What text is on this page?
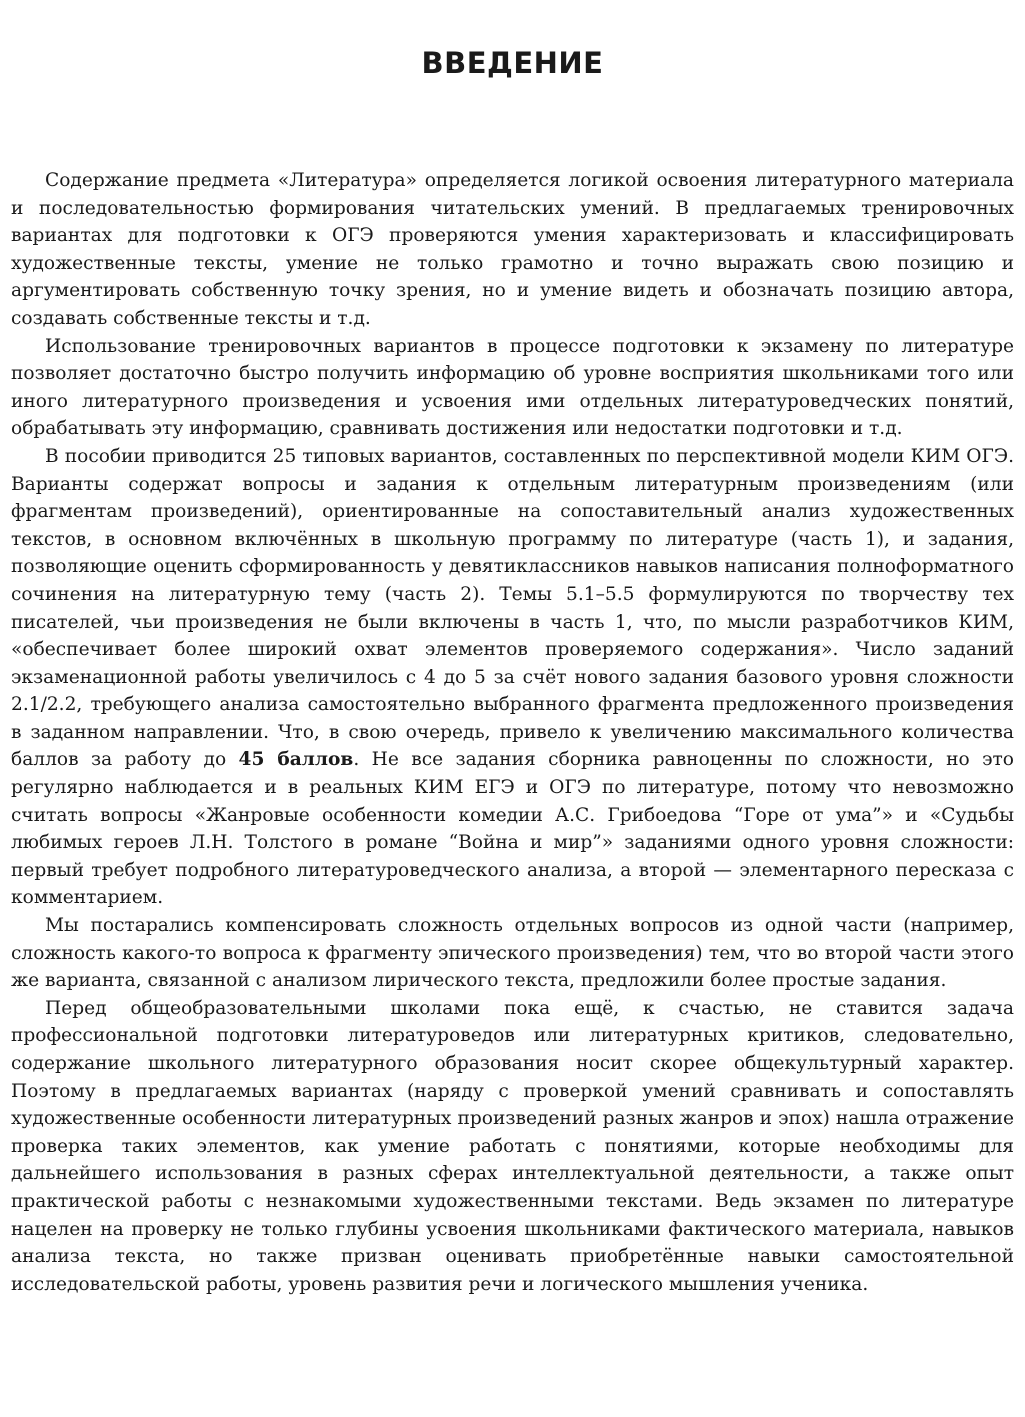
ВВЕДЕНИЕ

Содержание предмета «Литература» определяется логикой освоения литературного материала и последовательностью формирования читательских умений. В предлагаемых тренировочных вариантах для подготовки к ОГЭ проверяются умения характеризовать и классифицировать художественные тексты, умение не только грамотно и точно выражать свою позицию и аргументировать собственную точку зрения, но и умение видеть и обозначать позицию автора, создавать собственные тексты и т.д.

Использование тренировочных вариантов в процессе подготовки к экзамену по литературе позволяет достаточно быстро получить информацию об уровне восприятия школьниками того или иного литературного произведения и усвоения ими отдельных литературоведческих понятий, обрабатывать эту информацию, сравнивать достижения или недостатки подготовки и т.д.

В пособии приводится 25 типовых вариантов, составленных по перспективной модели КИМ ОГЭ. Варианты содержат вопросы и задания к отдельным литературным произведениям (или фрагментам произведений), ориентированные на сопоставительный анализ художественных текстов, в основном включённых в школьную программу по литературе (часть 1), и задания, позволяющие оценить сформированность у девятиклассников навыков написания полноформатного сочинения на литературную тему (часть 2). Темы 5.1–5.5 формулируются по творчеству тех писателей, чьи произведения не были включены в часть 1, что, по мысли разработчиков КИМ, «обеспечивает более широкий охват элементов проверяемого содержания». Число заданий экзаменационной работы увеличилось с 4 до 5 за счёт нового задания базового уровня сложности 2.1/2.2, требующего анализа самостоятельно выбранного фрагмента предложенного произведения в заданном направлении. Что, в свою очередь, привело к увеличению максимального количества баллов за работу до 45 баллов. Не все задания сборника равноценны по сложности, но это регулярно наблюдается и в реальных КИМ ЕГЭ и ОГЭ по литературе, потому что невозможно считать вопросы «Жанровые особенности комедии А.С. Грибоедова “Горе от ума”» и «Судьбы любимых героев Л.Н. Толстого в романе “Война и мир”» заданиями одного уровня сложности: первый требует подробного литературоведческого анализа, а второй — элементарного пересказа с комментарием.

Мы постарались компенсировать сложность отдельных вопросов из одной части (например, сложность какого-то вопроса к фрагменту эпического произведения) тем, что во второй части этого же варианта, связанной с анализом лирического текста, предложили более простые задания.

Перед общеобразовательными школами пока ещё, к счастью, не ставится задача профессиональной подготовки литературоведов или литературных критиков, следовательно, содержание школьного литературного образования носит скорее общекультурный характер. Поэтому в предлагаемых вариантах (наряду с проверкой умений сравнивать и сопоставлять художественные особенности литературных произведений разных жанров и эпох) нашла отражение проверка таких элементов, как умение работать с понятиями, которые необходимы для дальнейшего использования в разных сферах интеллектуальной деятельности, а также опыт практической работы с незнакомыми художественными текстами. Ведь экзамен по литературе нацелен на проверку не только глубины усвоения школьниками фактического материала, навыков анализа текста, но также призван оценивать приобретённые навыки самостоятельной исследовательской работы, уровень развития речи и логического мышления ученика.
